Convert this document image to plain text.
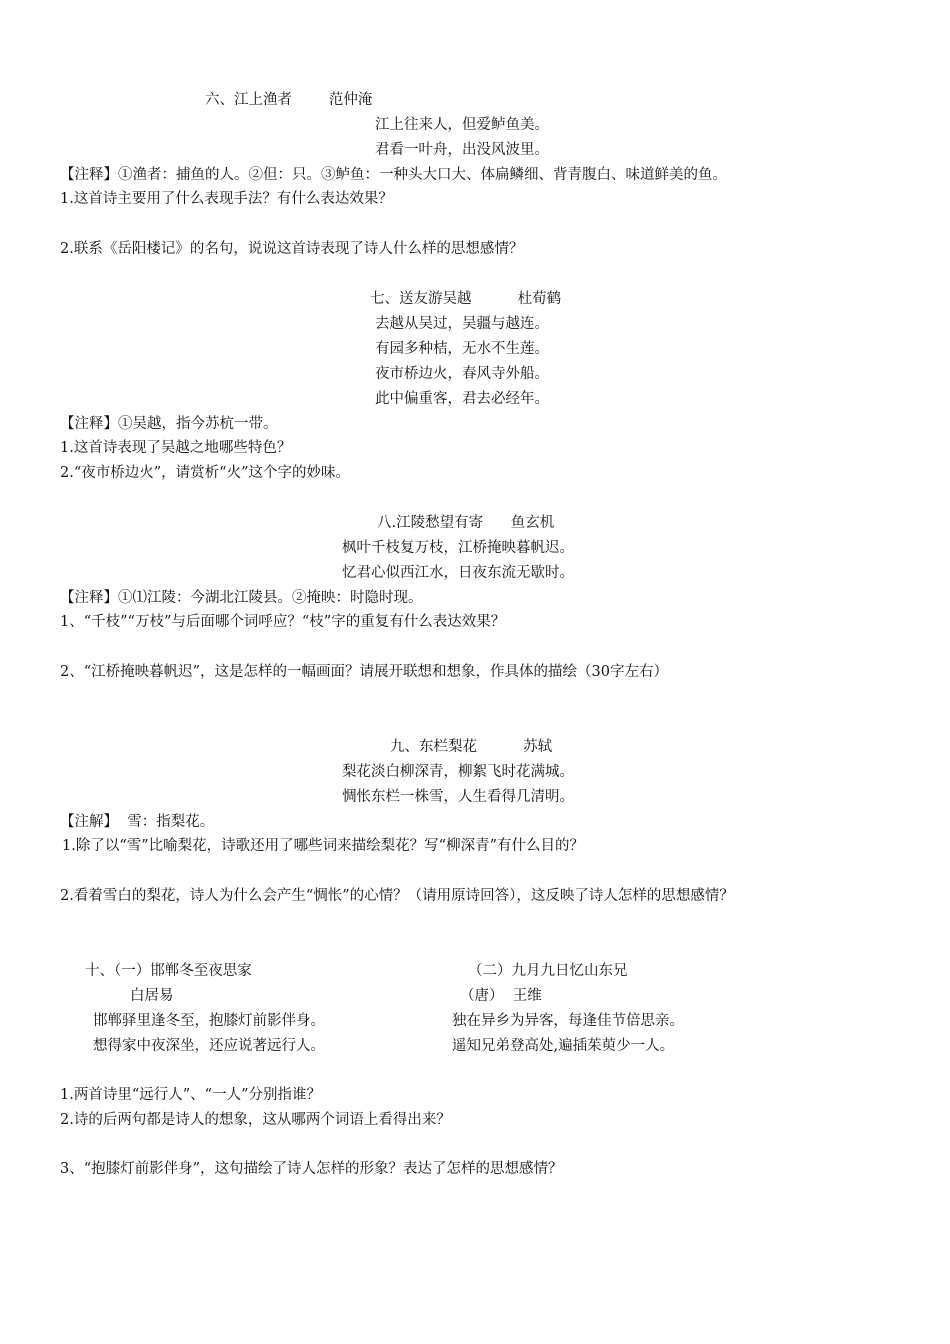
六、江上渔者        范仲淹
江上往来人，但爱鲈鱼美。
君看一叶舟，出没风波里。
【注释】①渔者：捕鱼的人。②但：只。③鲈鱼：一种头大口大、体扁鳞细、背青腹白、味道鲜美的鱼。
1.这首诗主要用了什么表现手法？有什么表达效果？
2.联系《岳阳楼记》的名句，说说这首诗表现了诗人什么样的思想感情？
七、送友游吴越          杜荀鹤
去越从吴过，吴疆与越连。
有园多种桔，无水不生莲。
夜市桥边火，春风寺外船。
此中偏重客，君去必经年。
【注释】①吴越，指今苏杭一带。
1.这首诗表现了吴越之地哪些特色？
2.“夜市桥边火”，请赏析“火”这个字的妙味。
八.江陵愁望有寄      鱼玄机
枫叶千枝复万枝，江桥掩映暮帆迟。
忆君心似西江水，日夜东流无歇时。
【注释】①⑴江陵：今湖北江陵县。②掩映：时隐时现。
1、“千枝”“万枝”与后面哪个词呼应？“枝”字的重复有什么表达效果？
2、“江桥掩映暮帆迟”，这是怎样的一幅画面？请展开联想和想象，作具体的描绘（30字左右）
九、东栏梨花          苏轼
梨花淡白柳深青，柳絮飞时花满城。
惆怅东栏一株雪，人生看得几清明。
【注解】  雪：指梨花。
1.除了以“雪”比喻梨花，诗歌还用了哪些词来描绘梨花？写“柳深青”有什么目的？
2.看着雪白的梨花，诗人为什么会产生“惆怅”的心情？（请用原诗回答），这反映了诗人怎样的思想感情？
十、（一）邯郸冬至夜思家
白居易
邯郸驿里逢冬至，抱膝灯前影伴身。
想得家中夜深坐，还应说著远行人。
（二）九月九日忆山东兄
（唐）  王维
独在异乡为异客，每逢佳节倍思亲。
遥知兄弟登高处,遍插茱萸少一人。
1.两首诗里“远行人”、“一人”分别指谁？
2.诗的后两句都是诗人的想象，这从哪两个词语上看得出来？
3、“抱膝灯前影伴身”，这句描绘了诗人怎样的形象？表达了怎样的思想感情？
